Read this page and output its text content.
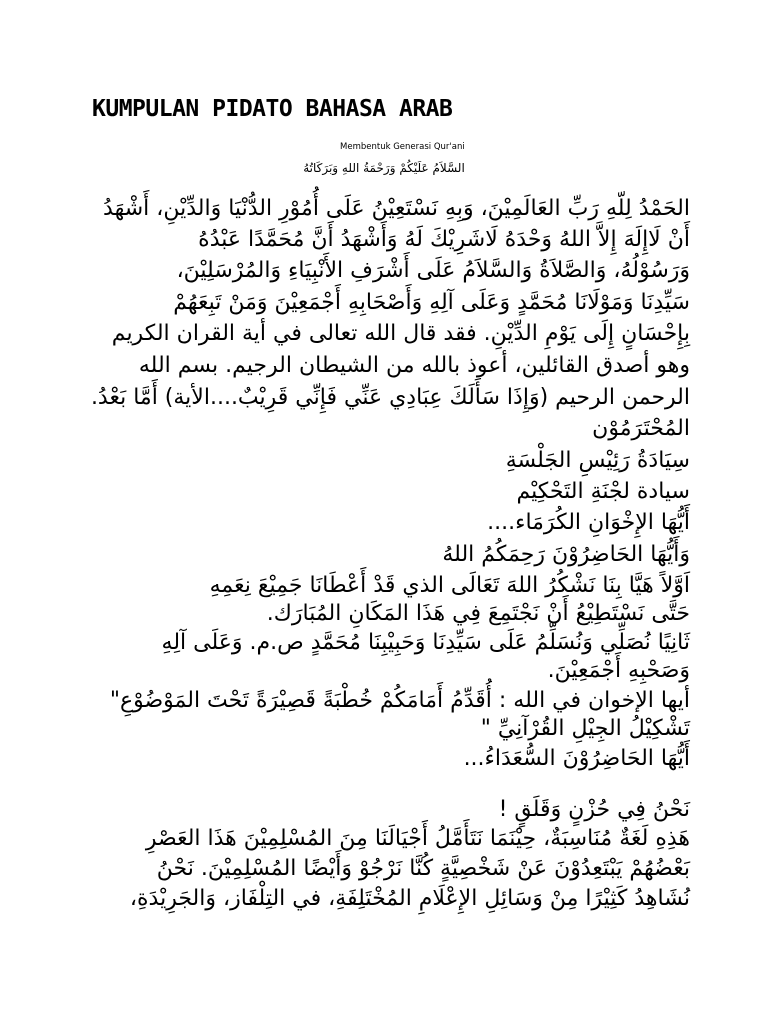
KUMPULAN PIDATO BAHASA ARAB
Membentuk Generasi Qur'ani
السَّلاَمُ عَلَيْكُمْ وَرَحْمَةُ اللهِ وَبَرَكَاتُهُ
الحَمْدُ لِلّهِ رَبِّ العَالَمِيْنَ، وَبِهِ نَسْتَعِيْنُ عَلَى أُمُوْرِ الدُّنْيَا وَالدِّيْنِ، أَشْهَدُ
أَنْ لَاإِلَهَ إِلاَّ اللهُ وَحْدَهُ لَاشَرِيْكَ لَهُ وَأَشْهَدُ أَنَّ مُحَمَّدًا عَبْدُهُ
وَرَسُوْلُهُ، وَالصَّلاَةُ وَالسَّلاَمُ عَلَى أَشْرَفِ الأَنْبِيَاءِ وَالمُرْسَلِيْنَ،
سَيِّدِنَا وَمَوْلَانَا مُحَمَّدٍ وَعَلَى آلِهِ وَأَصْحَابِهِ أَجْمَعِيْنَ وَمَنْ تَبِعَهُمْ
بِإِحْسَانٍ إِلَى يَوْمِ الدِّيْنِ. فقد قال الله تعالى في أية القران الكريم
وهو أصدق القائلين، أعوذ بالله من الشيطان الرجيم. بسم الله
الرحمن الرحيم (وَإِذَا سَأَلَكَ عِبَادِي عَنِّي فَإِنِّي قَرِيْبٌ....الأية) أَمَّا بَعْدُ.
المُحْتَرَمُوْن
سِيَادَةُ رَئِيْسِ الجَلْسَةِ
سيادة لجْنَةِ التَحْكِيْم
أَيُّهَا الإِخْوَانِ الكُرَمَاء....
وَأَيُّهَا الحَاضِرُوْنَ رَحِمَكُمُ اللهُ
اَوَّلاً هَيَّا بِنَا نَشْكُرُ اللهَ تَعَالَى الذي قَدْ أَعْطَانَا جَمِيْعَ نِعَمِهِ
حَتَّى نَسْتَطِيْعُ أَنْ نَجْتَمِعَ فِي هَذَا المَكَانِ المُبَارَك.
ثَانِيًا نُصَلِّي وَنُسَلِّمُ عَلَى سَيِّدِنَا وَحَبِيْبِنَا مُحَمَّدٍ ص.م. وَعَلَى آلِهِ
وَصَحْبِهِ أَجْمَعِيْنَ.
أيها الإخوان في الله : أُقَدِّمُ أَمَامَكُمْ خُطْبَةً قَصِيْرَةً تَحْتَ المَوْضُوْعِ"
تَشْكِيْلُ الجِيْلِ القُرْآنِيِّ "
أَيُّهَا الحَاضِرُوْنَ السُّعَدَاءُ...
نَحْنُ فِي حُزْنٍ وَقَلَقٍ !
هَذِهِ لَغَةٌ مُنَاسِبَةٌ، حِيْنَمَا نَتَأَمَّلُ أَجْيَالَنَا مِنَ المُسْلِمِيْنَ هَذَا العَصْرِ
بَعْضُهُمْ يَبْتَعِدُوْنَ عَنْ شَخْصِيَّةٍ كُنَّا نَرْجُوْ وَأَيْضًا المُسْلِمِيْنَ. نَحْنُ
نُشَاهِدُ كَثِيْرًا مِنْ وَسَائِلِ الإِعْلَامِ المُخْتَلِفَةِ، في التِلْفَاز، وَالجَرِيْدَةِ،
